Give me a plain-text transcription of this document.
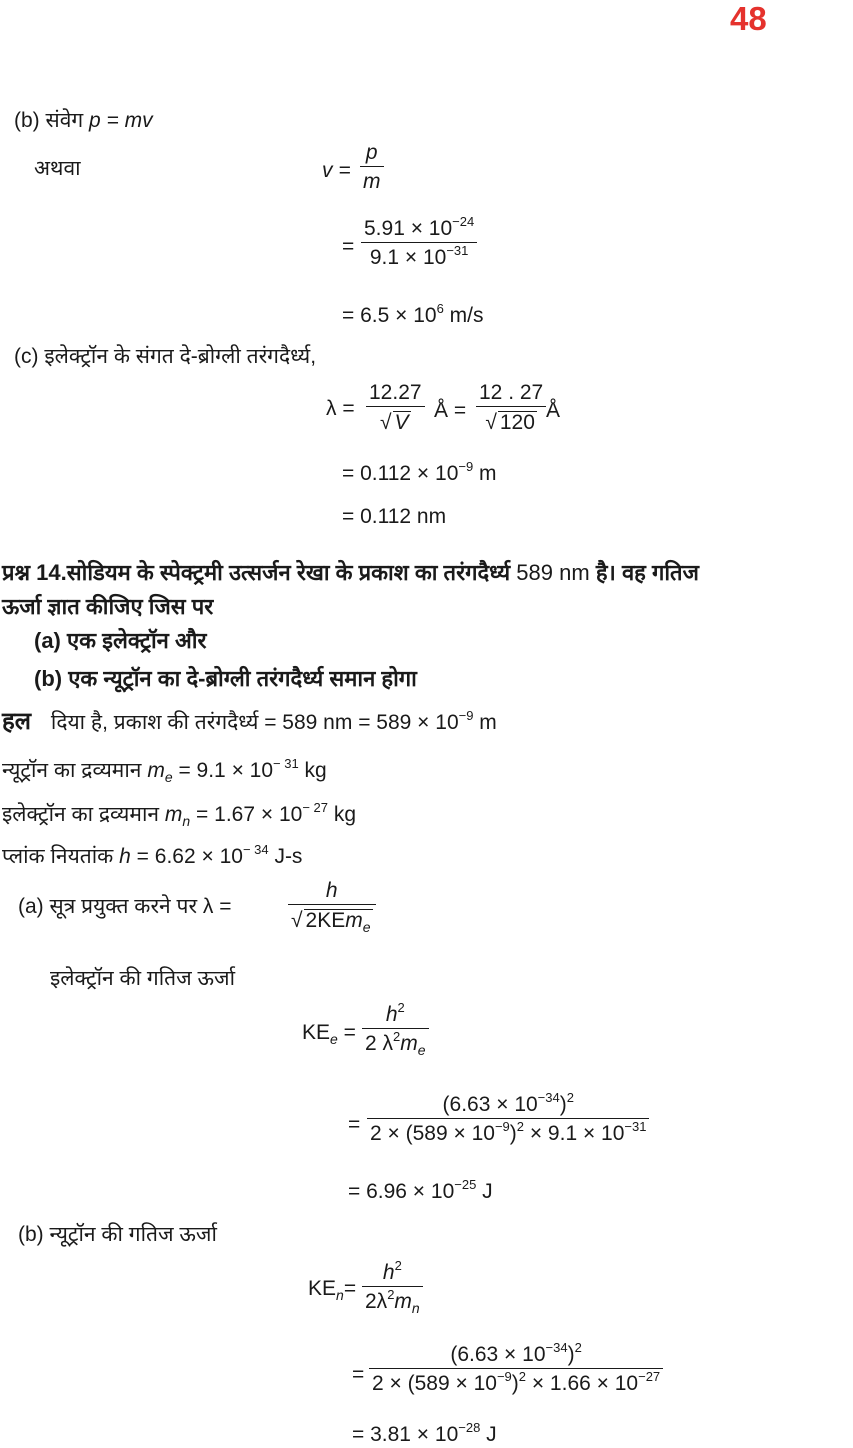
48
(b) संवेग p = mv
अथवा	$v = \frac{p}{m}$
= $\frac{5.91 \times 10^{-24}}{9.1 \times 10^{-31}}$
= $6.5 \times 10^6$ m/s
(c) इलेक्ट्रॉन के संगत दे-ब्रोग्ली तरंगदैर्ध्य,
$\lambda = \frac{12.27}{√ V}$ Å = $\frac{12 . 27}{√ 120}$ Å
= $0.112 \times 10^{-9}$ m
= 0.112 nm
प्रश्न 14.सोडियम के स्पेक्ट्रमी उत्सर्जन रेखा के प्रकाश का तरंगदैर्ध्य 589 nm है। वह गतिज
ऊर्जा ज्ञात कीजिए जिस पर
(a) एक इलेक्ट्रॉन और
(b) एक न्यूट्रॉन का दे-ब्रोग्ली तरंगदैर्ध्य समान होगा
हल दिया है, प्रकाश की तरंगदैर्ध्य = 589 nm = $589 \times 10^{-9}$ m
न्यूट्रॉन का द्रव्यमान $m_e = 9.1 \times 10^{- 31}$ kg
इलेक्ट्रॉन का द्रव्यमान $m_n = 1.67 \times 10^{- 27}$ kg
प्लांक नियतांक $h = 6.62 \times 10^{- 34}$ J-s
(a) सूत्र प्रयुक्त करने पर λ =
h
√ 2KEm$_e$
इलेक्ट्रॉन की गतिज ऊर्जा
$KE_e = \frac{h^2}{2 \lambda^2m_e}$
= $\frac{(6.63 \times 10^{-34})^2}{2 \times (589 \times 10^{-9})^2 \times 9.1 \times 10^{-31}}$
= $6.96 \times 10^{-25}$ J
(b) न्यूट्रॉन की गतिज ऊर्जा
$KE_n= \frac{h^2}{2\lambda^2m_n}$
= $\frac{(6.63 \times 10^{-34})^2}{2 \times (589 \times 10^{-9})^2 \times 1.66 \times 10^{-27}}$
= $3.81 \times 10^{-28}$ J
